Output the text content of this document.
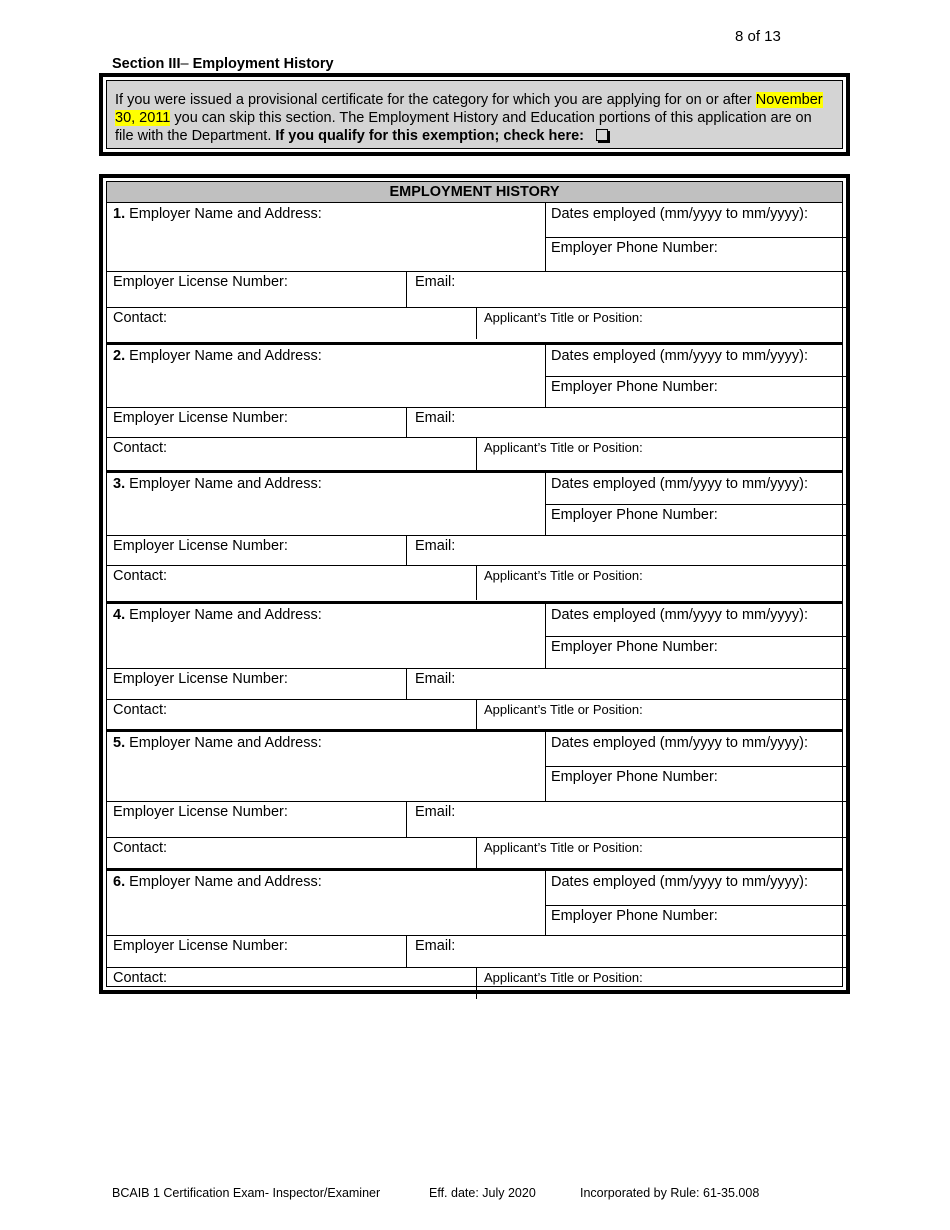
8 of 13
Section III– Employment History
If you were issued a provisional certificate for the category for which you are applying for on or after November 30, 2011 you can skip this section. The Employment History and Education portions of this application are on file with the Department. If you qualify for this exemption; check here:
EMPLOYMENT HISTORY
1. Employer Name and Address:	Dates employed (mm/yyyy to mm/yyyy):
Employer Phone Number:
Employer License Number:	Email:
Contact:	Applicant’s Title or Position:
2. Employer Name and Address:	Dates employed (mm/yyyy to mm/yyyy):
Employer Phone Number:
Employer License Number:	Email:
Contact:	Applicant’s Title or Position:
3. Employer Name and Address:	Dates employed (mm/yyyy to mm/yyyy):
Employer Phone Number:
Employer License Number:	Email:
Contact:	Applicant’s Title or Position:
4. Employer Name and Address:	Dates employed (mm/yyyy to mm/yyyy):
Employer Phone Number:
Employer License Number:	Email:
Contact:	Applicant’s Title or Position:
5. Employer Name and Address:	Dates employed (mm/yyyy to mm/yyyy):
Employer Phone Number:
Employer License Number:	Email:
Contact:	Applicant’s Title or Position:
6. Employer Name and Address:	Dates employed (mm/yyyy to mm/yyyy):
Employer Phone Number:
Employer License Number:	Email:
Contact:	Applicant’s Title or Position:
BCAIB 1 Certification Exam- Inspector/Examiner	Eff. date: July 2020	Incorporated by Rule: 61-35.008
